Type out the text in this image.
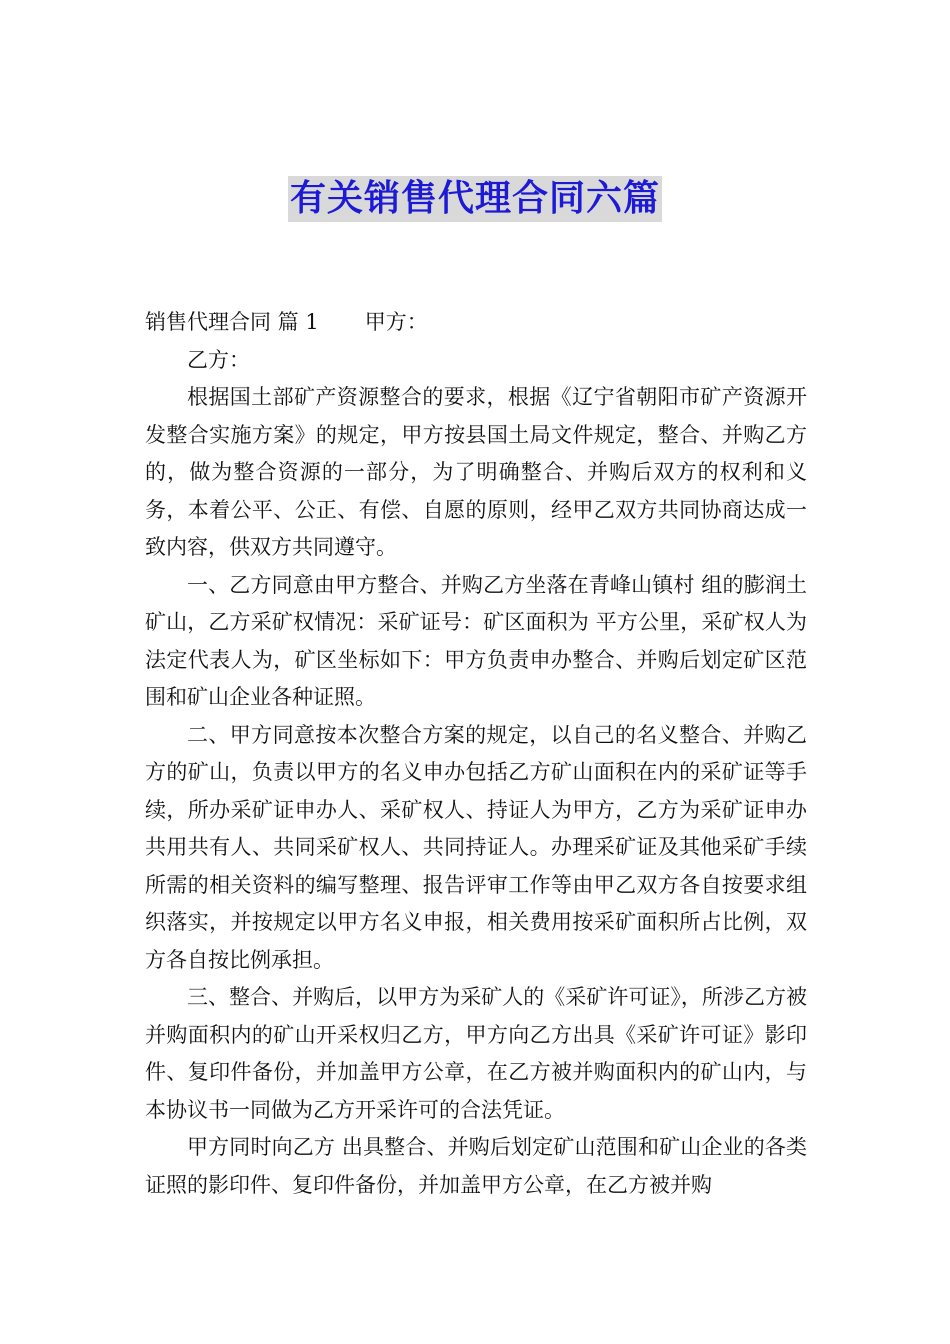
有关销售代理合同六篇

销售代理合同 篇 1 甲方：

乙方：

根据国土部矿产资源整合的要求，根据《辽宁省朝阳市矿产资源开发整合实施方案》的规定，甲方按县国土局文件规定，整合、并购乙方的，做为整合资源的一部分，为了明确整合、并购后双方的权利和义务，本着公平、公正、有偿、自愿的原则，经甲乙双方共同协商达成一致内容，供双方共同遵守。

一、乙方同意由甲方整合、并购乙方坐落在青峰山镇村 组的膨润土矿山，乙方采矿权情况：采矿证号：矿区面积为 平方公里，采矿权人为 法定代表人为，矿区坐标如下：甲方负责申办整合、并购后划定矿区范围和矿山企业各种证照。

二、甲方同意按本次整合方案的规定，以自己的名义整合、并购乙方的矿山，负责以甲方的名义申办包括乙方矿山面积在内的采矿证等手续，所办采矿证申办人、采矿权人、持证人为甲方，乙方为采矿证申办共用共有人、共同采矿权人、共同持证人。办理采矿证及其他采矿手续所需的相关资料的编写整理、报告评审工作等由甲乙双方各自按要求组织落实，并按规定以甲方名义申报，相关费用按采矿面积所占比例，双方各自按比例承担。

三、整合、并购后，以甲方为采矿人的《采矿许可证》，所涉乙方被并购面积内的矿山开采权归乙方，甲方向乙方出具《采矿许可证》影印件、复印件备份，并加盖甲方公章，在乙方被并购面积内的矿山内，与本协议书一同做为乙方开采许可的合法凭证。

甲方同时向乙方 出具整合、并购后划定矿山范围和矿山企业的各类证照的影印件、复印件备份，并加盖甲方公章，在乙方被并购
